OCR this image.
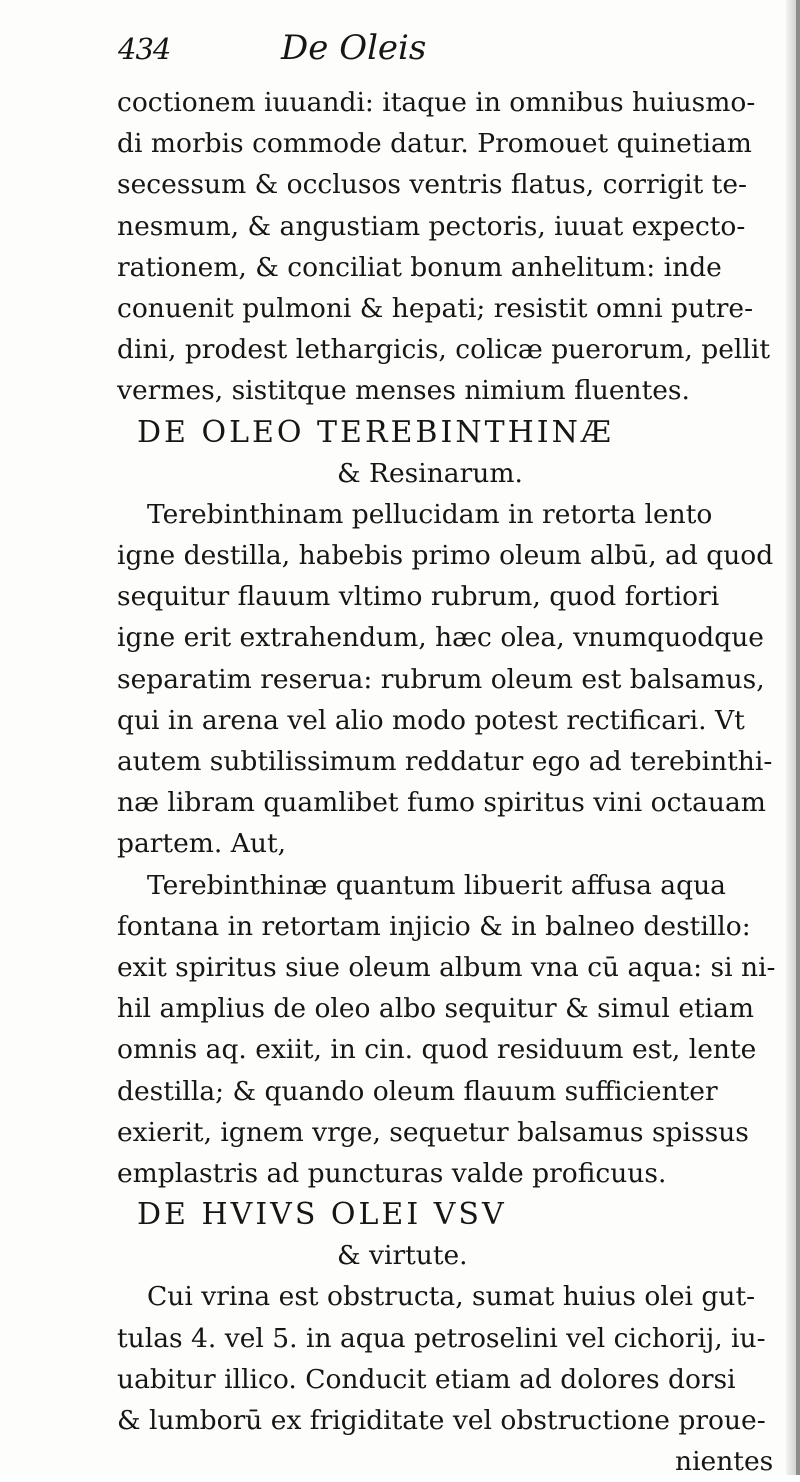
434	De Oleis
coctionem iuuandi: itaque in omnibus huiusmo-
di morbis commode datur. Promouet quinetiam
secessum & occlusos ventris flatus, corrigit te-
nesmum, & angustiam pectoris, iuuat expecto-
rationem, & conciliat bonum anhelitum: inde
conuenit pulmoni & hepati; resistit omni putre-
dini, prodest lethargicis, colicæ puerorum, pellit
vermes, sistitque menses nimium fluentes.
DE OLEO TEREBINTHINÆ
& Resinarum.
Terebinthinam pellucidam in retorta lento
igne destilla, habebis primo oleum albū, ad quod
sequitur flauum vltimo rubrum, quod fortiori
igne erit extrahendum, hæc olea, vnumquodque
separatim reserua: rubrum oleum est balsamus,
qui in arena vel alio modo potest rectificari. Vt
autem subtilissimum reddatur ego ad terebinthi-
næ libram quamlibet fumo spiritus vini octauam
partem. Aut,
Terebinthinæ quantum libuerit affusa aqua
fontana in retortam injicio & in balneo destillo:
exit spiritus siue oleum album vna cū aqua: si ni-
hil amplius de oleo albo sequitur & simul etiam
omnis aq. exiit, in cin. quod residuum est, lente
destilla; & quando oleum flauum sufficienter
exierit, ignem vrge, sequetur balsamus spissus
emplastris ad puncturas valde proficuus.
DE HVIVS OLEI VSV
& virtute.
Cui vrina est obstructa, sumat huius olei gut-
tulas 4. vel 5. in aqua petroselini vel cichorij, iu-
uabitur illico. Conducit etiam ad dolores dorsi
& lumborū ex frigiditate vel obstructione proue-
nientes
